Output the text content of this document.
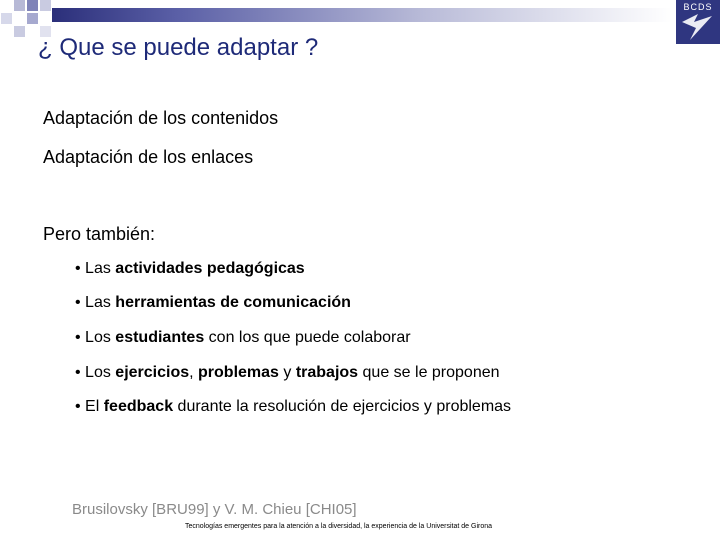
BCDS
¿ Que se puede adaptar ?
Adaptación de los contenidos
Adaptación de los enlaces
Pero también:
• Las actividades pedagógicas
• Las herramientas de comunicación
• Los estudiantes con los que puede colaborar
• Los ejercicios, problemas y trabajos que se le proponen
• El feedback durante la resolución de ejercicios y problemas
Brusilovsky [BRU99] y V. M. Chieu [CHI05]
Tecnologías emergentes para la atención a la diversidad, la experiencia de la Universitat de Girona
